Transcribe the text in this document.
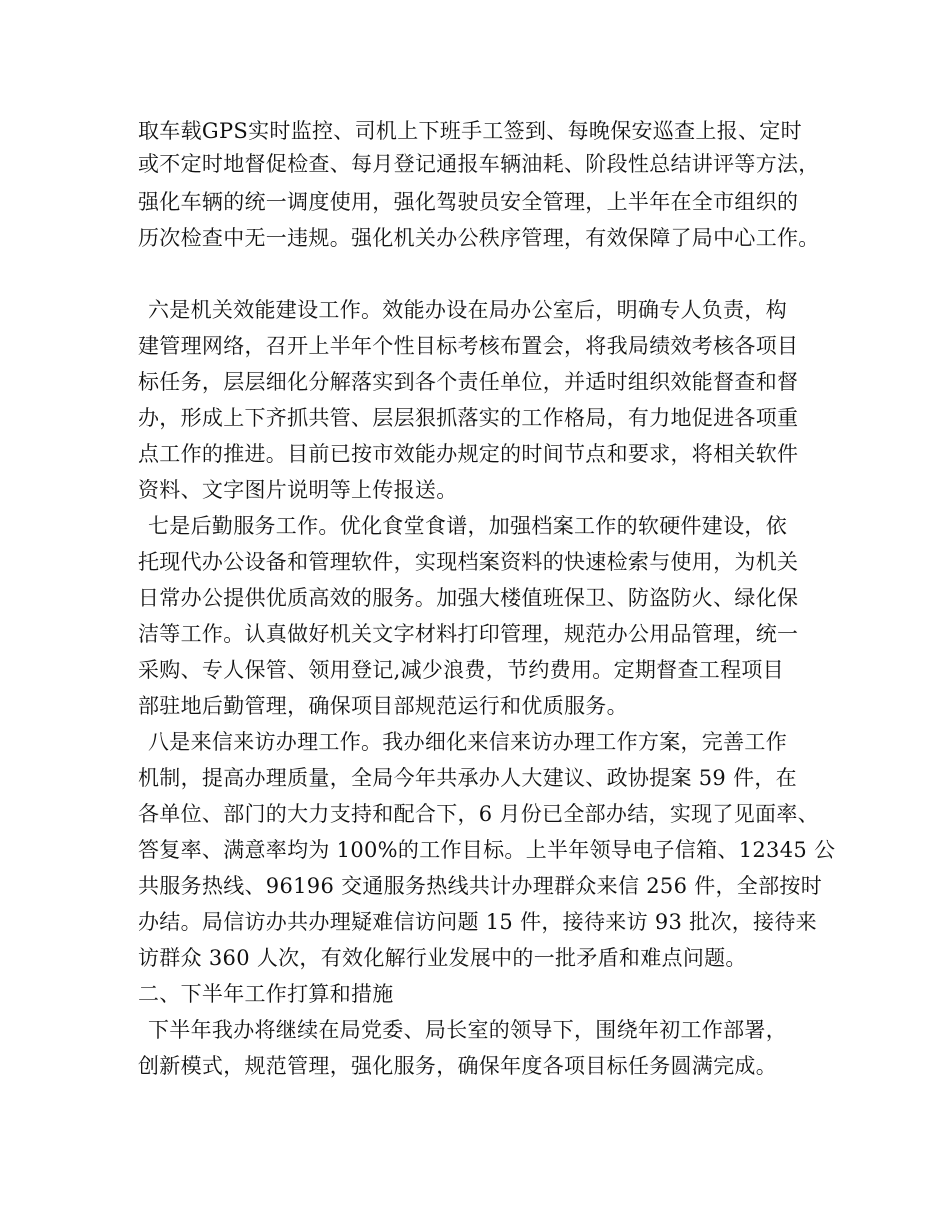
取车载GPS实时监控、司机上下班手工签到、每晚保安巡查上报、定时
或不定时地督促检查、每月登记通报车辆油耗、阶段性总结讲评等方法，
强化车辆的统一调度使用，强化驾驶员安全管理，上半年在全市组织的
历次检查中无一违规。强化机关办公秩序管理，有效保障了局中心工作。
六是机关效能建设工作。效能办设在局办公室后，明确专人负责，构
建管理网络，召开上半年个性目标考核布置会，将我局绩效考核各项目
标任务，层层细化分解落实到各个责任单位，并适时组织效能督查和督
办，形成上下齐抓共管、层层狠抓落实的工作格局，有力地促进各项重
点工作的推进。目前已按市效能办规定的时间节点和要求，将相关软件
资料、文字图片说明等上传报送。
七是后勤服务工作。优化食堂食谱，加强档案工作的软硬件建设，依
托现代办公设备和管理软件，实现档案资料的快速检索与使用，为机关
日常办公提供优质高效的服务。加强大楼值班保卫、防盗防火、绿化保
洁等工作。认真做好机关文字材料打印管理，规范办公用品管理，统一
采购、专人保管、领用登记,减少浪费，节约费用。定期督查工程项目
部驻地后勤管理，确保项目部规范运行和优质服务。
八是来信来访办理工作。我办细化来信来访办理工作方案，完善工作
机制，提高办理质量，全局今年共承办人大建议、政协提案 59 件，在
各单位、部门的大力支持和配合下，6 月份已全部办结，实现了见面率、
答复率、满意率均为 100%的工作目标。上半年领导电子信箱、12345 公
共服务热线、96196 交通服务热线共计办理群众来信 256 件，全部按时
办结。局信访办共办理疑难信访问题 15 件，接待来访 93 批次，接待来
访群众 360 人次，有效化解行业发展中的一批矛盾和难点问题。
二、下半年工作打算和措施
下半年我办将继续在局党委、局长室的领导下，围绕年初工作部署，
创新模式，规范管理，强化服务，确保年度各项目标任务圆满完成。
